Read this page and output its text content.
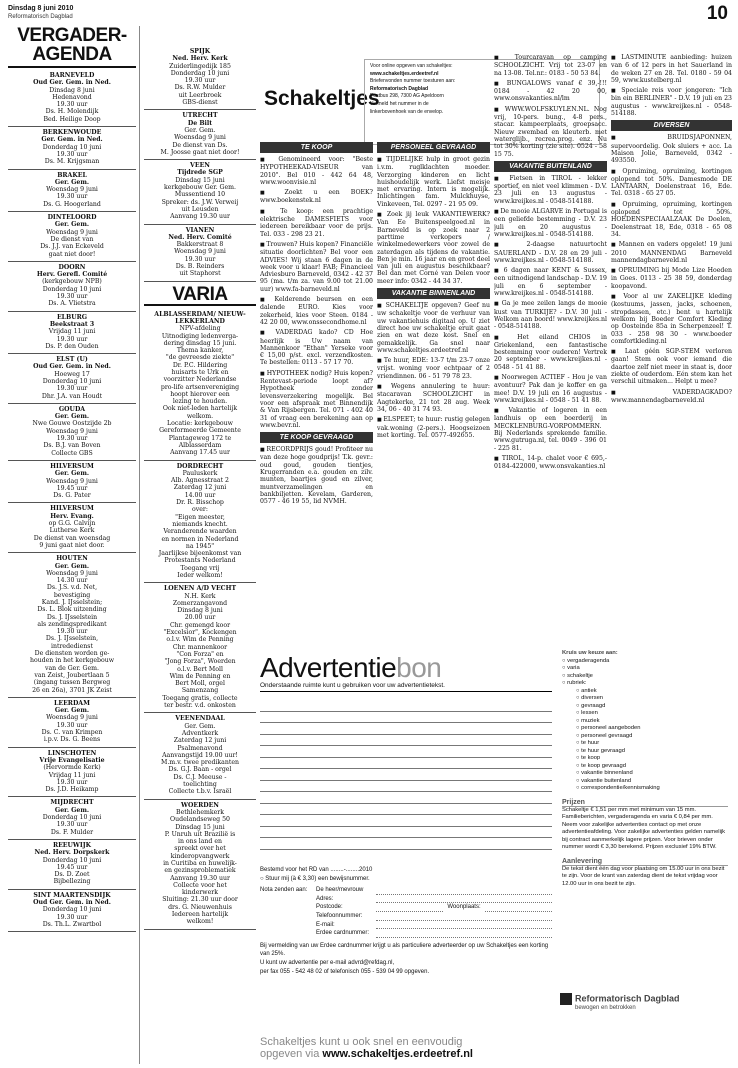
Dinsdag 8 juni 2010
Reformatorisch Dagblad	10
VERGADER-
AGENDA
BARNEVELD
Oud Ger. Gem. in Ned.
Dinsdag 8 juni
Hedenavond
19.30 uur
Ds. H. Molendijk
Bed. Heilige Doop
BERKENWOUDE
Ger. Gem. in Ned.
Donderdag 10 juni
19.30 uur
Ds. M. Krijgsman
BRAKEL
Ger. Gem.
Woensdag 9 juni
19.30 uur
Ds. G. Hoogerland
DINTELOORD
Ger. Gem.
Woensdag 9 juni
De dienst van
Ds. J.J. van Eckeveld
gaat niet door!
DOORN
Herv. Gerefl. Comité
(kerkgebouw NPB)
Donderdag 10 juni
19.30 uur
Ds. A. Vlietstra
ELBURG
Beekstraat 3
Vrijdag 11 juni
19.30 uur
Ds. P. den Ouden
ELST (U)
Oud Ger. Gem. in Ned.
Hoeweg 17
Donderdag 10 juni
19.30 uur
Dhr. J.A. van Houdt
GOUDA
Ger. Gem.
Nwe Gouwe Oostzijde 2b
Woensdag 9 juni
19.30 uur
Ds. B.J. van Boven
Collecte GBS
HILVERSUM
Ger. Gem.
Woensdag 9 juni
19.45 uur
Ds. G. Pater
HILVERSUM
Herv. Evang.
op G.G. Calvijn
Lutherse Kerk
De dienst van woensdag
9 juni gaat niet door.
HOUTEN
Ger. Gem.
Woensdag 9 juni
14.30 uur
Ds. J.S. v.d. Net,
bevestiging
Kand. J. IJsselstein;
Ds. L. Blok uitzending
Ds. J. IJsselstein
als zendingspredikant
19.30 uur
Ds. J. IJsselstein,
intrededienst
De diensten worden ge-
houden in het kerkgebouw
van de Ger. Gem.
van Zeist, Joubertlaan 5
(ingang tussen Bergweg
26 en 26a), 3701 JK Zeist
LEERDAM
Ger. Gem.
Woensdag 9 juni
19.30 uur
Ds. C. van Krimpen
i.p.v. Ds. G. Beens
LINSCHOTEN
Vrije Evangelisatie
(Hervormde Kerk)
Vrijdag 11 juni
19.30 uur
Ds. J.D. Heikamp
MIJDRECHT
Ger. Gem.
Donderdag 10 juni
19.30 uur
Ds. F. Mulder
REEUWIJK
Ned. Herv. Dorpskerk
Donderdag 10 juni
19.45 uur
Ds. D. Zoet
Bijbellezing
SINT MAARTENSDIJK
Oud Ger. Gem. in Ned.
Donderdag 10 juni
19.30 uur
Ds. Th.L. Zwartbol
SPIJK
Ned. Herv. Kerk
Zuiderlingedijk 185
Donderdag 10 juni
19.30 uur
Ds. R.W. Mulder
uit Leerbroek
GBS-dienst
UTRECHT
De Bilt
Ger. Gem.
Woensdag 9 juni
De dienst van Ds.
M. Joosse gaat niet door!
VEEN
Tijdrede SGP
Dinsdag 15 juni
kerkgebouw Ger. Gem.
Mussentiend 10
Spreker: ds. J.W. Verweij
uit Leusden
Aanvang 19.30 uur
VIANEN
Ned. Herv. Comité
Bakkerstraat 8
Woensdag 9 juni
19.30 uur
Ds. B. Reinders
uit Staphorst
VARIA
ALBLASSERDAM/ NIEUW-LEKKERLAND
NPV-afdeling
Uitnodiging ledenverga-
dering dinsdag 15 juni.
Thema kanker,
"de gevreesde ziekte"
Dr. P.C. Hildering
huisarts te Urk en
voorzitter Nederlandse
pro-life artsenvereniging
hoopt hierover een
lezing te houden.
Ook niet-leden hartelijk
welkom.
Locatie: kerkgebouw
Gereformeerde Gemeente
Plantageweg 172 te
Alblasserdam
Aanvang 17.45 uur
DORDRECHT
Pauluskerk
Alb. Agnesstraat 2
Zaterdag 12 juni
14.00 uur
Dr. R. Bisschop
over:
"Eigen meester,
niemands knecht.
Veranderende waarden
en normen in Nederland
na 1945"
Jaarlijkse bijeenkomst van
Protestants Nederland
Toegang vrij
Ieder welkom!
LOENEN A/D VECHT
N.H. Kerk
Zomerzangavond
Dinsdag 8 juni
20.00 uur
Chr. gemengd koor
"Excelsior", Kockengen
o.l.v. Wim de Penning
Chr. mannenkoor
"Con Forza" en
"Jong Forza", Woerden
o.l.v. Bert Moll
Wim de Penning en
Bert Moll, orgel
Samenzang
Toegang gratis, collecte
ter bestr. v.d. onkosten
VEENENDAAL
Ger. Gem.
Adventkerk
Zaterdag 12 juni
Psalmenavond
Aanvangstijd 19.00 uur!
M.m.v. twee predikanten
Ds. G.J. Baan - orgel
Ds. C.J. Meeuse -
toelichting
Collecte t.b.v. Israël
WOERDEN
Bethlehemkerk
Oudelandseweg 50
Dinsdag 15 juni
P. Unruh uit Brazilië is
in ons land en
spreekt over het
kinderopvangwerk
in Curitiba en huwelijk-
en gezinsproblematiek
Aanvang 19.30 uur
Collecte voor het
kinderwerk
Sluiting: 21.30 uur door
drs. G. Nieuwenhuis
Iedereen hartelijk
welkom!
Schakeltjes
Voor online opgeven van schakeltjes:
www.schakeltjes.erdeetref.nl
Briefenvonden nummer toesturen aan:
Reformatorisch Dagblad
Postbus 298, 7300 AG Apeldoorn
Vermeld het nummer in de
linkerbovenhoek van de envelop.
TE KOOP
■ Genomineerd voor: "Beste HYPOTHEEKAD-VISEUR van 2010". Bel 010 - 442 64 48, www.woonvisie.nl
■ Zoekt u een BOEK? www.boekenstek.nl
■ Te koop: een prachtige elektrische DAMESFIETS voor iedereen bereikbaar voor de prijs. Tel. 033 - 298 23 21.
■ Trouwen? Huis kopen? Financiële situatie doorlichten? Bel voor een ADVIES! Wij staan 6 dagen in de week voor u klaar! FAB; Financieel Adviesburo Barneveld, 0342 - 42 37 95 (ma. t/m za. van 9.00 tot 21.00 uur) www.fa-barneveld.nl
■ Kelderende beursen en een dalende EURO. Kies voor zekerheid, kies voor Steen. 0184 - 42 20 00, www.onssecondhome.nl
■ VADERDAG kado? CD Hoe heerlijk is Uw naam van Mannenkoor "Ethan" Yerseke voor € 15,00 p/st. excl. verzendkosten. Te bestellen: 0113 - 57 17 70.
■ HYPOTHEEK nodig? Huis kopen? Rentevast-periode loopt af? Hypotheek zonder levensverzekering mogelijk. Bel voor een afspraak met Binnendijk & Van Rijsbergen. Tel. 071 - 402 40 31 of vraag een berekening aan op www.bevr.nl.
TE KOOP GEVRAAGD
■ RECORDPRIJS goud! Profiteer nu van deze hoge goudprijs! T.k. gevr.: oud goud, gouden tientjes, Krugerranden e.a. gouden en zilv. munten, baartjes goud en zilver, muntverzamelingen en bankbiljetten. Kevelam, Garderen, 0577 - 46 19 55, lid NVMH.
PERSONEEL GEVRAAGD
■ TIJDELIJKE hulp in groot gezin i.v.m. ruglklachten moeder. Verzorging kinderen en licht huishoudelijk werk. Liefst meisje met ervaring. Intern is mogelijk. Inlichtingen fam. Mulckhuyse, Vinkeveen, Tel. 0297 - 21 95 09.
■ Zoek jij leuk VAKANTIEWERK? Van Ee Buitenspeelgoed.nl in Barneveld is op zoek naar 2 parttime verkopers / winkelmedewerkers voor zowel de zaterdagen als tijdens de vakantie. Ben je min. 16 jaar en en groot deel van juli en augustus beschikbaar? Bel dan met Corné van Delen voor meer info: 0342 - 44 34 37.
VAKANTIE BINNENLAND
■ SCHAKELTJE opgeven? Geef nu uw schakeltje voor de verhuur van uw vakantiehuis digitaal op. U ziet direct hoe uw schakeltje eruit gaat zien en wat deze kost. Snel en gemakkelijk. Ga snel naar www.schakeltjes.erdeetref.nl
■ Te huur, EDE: 13-7 t/m 23-7 onze vrijst. woning voor echtpaar of 2 vriendinnen. 06 - 51 79 78 23.
■ Wegens annulering te huur: stacaravan SCHOOLZICHT in Aagtekerke, 21 tot 28 aug. Week 34, 06 - 40 31 74 93.
■ ELSPEET; te huur: rustig gelegen vak.woning (2-pers.). Hoogseizoen met korting. Tel. 0577-492655.
■ Tourcaravan op camping SCHOOLZICHT. Vrij tot 23-07 en na 13-08. Tel.nr.: 0183 - 50 53 84.
■ BUNGALOWS vanaf € 39,-!!! 0184 - 42 20 00, www.onsvakanties.nl/lm
■ WWW.WOLFSKUYLEN.NL. Nog vrij, 10-pers. bung., 4-8 pers., stacar. kampeerplaats, groepsacc. Nieuw zwembad en kleuterb. met waterglijb., recrea.prog. enz. Nu tot 30% korting (zie site). 0524 - 58 15 75.
VAKANTIE BUITENLAND
■ Fietsen in TIROL - lekker sportief, en niet veel klimmen - D.V. 23 juli en 13 augustus - www.kreijkes.nl - 0548-514188.
■ De mooie ALGARVE in Portugal is een geliefde bestemming - D.V. 23 juli en 20 augustus - www.kreijkes.nl - 0548-514188.
■ 2-daagse natuurtocht SAUERLAND - D.V. 28 en 29 juli - www.kreijkes.nl - 0548-514188.
■ 6 dagen naar KENT & Sussex, een uitnodigend landschap - D.V. 19 juli en 6 september - www.kreijkes.nl - 0548-514188.
■ Ga je mee zeilen langs de mooie kust van TURKIJE? - D.V. 30 juli - Welkom aan boord! www.kreijkes.nl - 0548-514188.
■ Het eiland CHIOS in Griekenland, een fantastische bestemming voor ouderen! Vertrek 20 september - www.kreijkes.nl - 0548 - 51 41 88.
■ Noorwegen ACTIEF - Hou je van avontuur? Pak dan je koffer en ga mee! D.V. 19 juli en 16 augustus - www.kreijkes.nl - 0548 - 51 41 88.
■ Vakantie of logeren in een landhuis op een boerderij in MECKLENBURG-VORPOMMERN. Bij Nederlands sprekende familie. www.gutruga.nl, tel. 0049 - 396 01 - 225 81.
■ TIROL, 14-p. chalet voor € 695,- 0184-422000, www.onsvakanties.nl
■ LASTMINUTE aanbieding: huizen van 6 of 12 pers in het Sauerland in de weken 27 en 28. Tel. 0180 - 59 04 59, www.kustelberg.nl
■ Speciale reis voor jongeren: "Ich bin ein BERLINER" - D.V. 19 juli en 23 augustus - www.kreijkes.nl - 0548-514188.
DIVERSEN
■ BRUIDSJAPONNEN, supervoordelig. Ook sluiers + acc. La Maison Jolie, Barneveld, 0342 - 493550.
■ Opruiming, opruiming, kortingen oplopend tot 50%. Damesmode DE LANTAARN, Doelenstraat 16, Ede. Tel. 0318 - 65 27 05.
■ Opruiming, opruiming, kortingen oplopend tot 50%. HOEDENSPECIAALZAAK De Doelen, Doelenstraat 18, Ede, 0318 - 65 08 34.
■ Mannen en vaders opgelet! 19 juni 2010 MANNENDAG Barneveld mannendagbarneveld.nl
■ OPRUIMING bij Mode Lize Hoeden in Goes. 0113 - 25 38 59, donderdag koopavond.
■ Voor al uw ZAKELIJKE kleding (kostuums, jassen, jacks, schoenen, stropdassen, etc.) bent u hartelijk welkom bij Boeder Comfort Kleding op Oosteinde 85a in Scherpenzeel! T. 033 - 258 98 30 - www.boeder comfortkleding.nl
■ Laat géén SGP-STEM verloren gaan! Stem ook voor iemand die daartoe zelf niet meer in staat is, door ziekte of ouderdom. Eén stem kan het verschil uitmaken... Helpt u mee?
■ VADERDAGKADO? www.mannendagbarneveld.nl
Advertentiebon
Onderstaande ruimte kunt u gebruiken voor uw advertentietekst.
Bestemd voor het RD van ........-........2010
○ Stuur mij (à € 3,30) een bewijsnummer.
Nota zenden aan:	De heer/mevrouw
Adres:
Postcode:	Woonplaats:
Telefoonnummer:
E-mail:
Erdee cardnummer:
Bij vermelding van uw Erdee cardnummer krijgt u als particuliere adverteerder op uw Schakeltjes een korting van 25%.
U kunt uw advertentie per e-mail advrd@refdag.nl,
per fax 055 - 542 48 02 of telefonisch 055 - 539 04 99 opgeven.
Kruis uw keuze aan:
○ vergaderagenda
○ varia
○ schakeltje
○ rubriek:
○ antiek
○ diversen
○ gevraagd
○ lessen
○ muziek
○ personeel aangeboden
○ personeel gevraagd
○ te huur
○ te huur gevraagd
○ te koop
○ te koop gevraagd
○ vakantie binnenland
○ vakantie buitenland
○ correspondentie/kennismaking
Prijzen
Schakeltje € 1,51 per mm met minimum van 15 mm. Familieberichten, vergaderagenda en varia € 0,84 per mm. Neem voor zakelijke advertenties contact op met onze advertentieafdeling. Voor zakelijke advertenties gelden namelijk bij contract aanmerkelijk lagere prijzen. Voor brieven onder nummer wordt € 3,30 berekend. Prijzen exclusief 19% BTW.
Aanlevering
De tekst dient één dag voor plaatsing om 15.00 uur in ons bezit te zijn. Voor de krant van zaterdag dient de tekst vrijdag voor 12.00 uur in ons bezit te zijn.
Reformatorisch Dagblad
bewogen en betrokken
Schakeltjes kunt u ook snel en eenvoudig
opgeven via www.schakeltjes.erdeetref.nl
